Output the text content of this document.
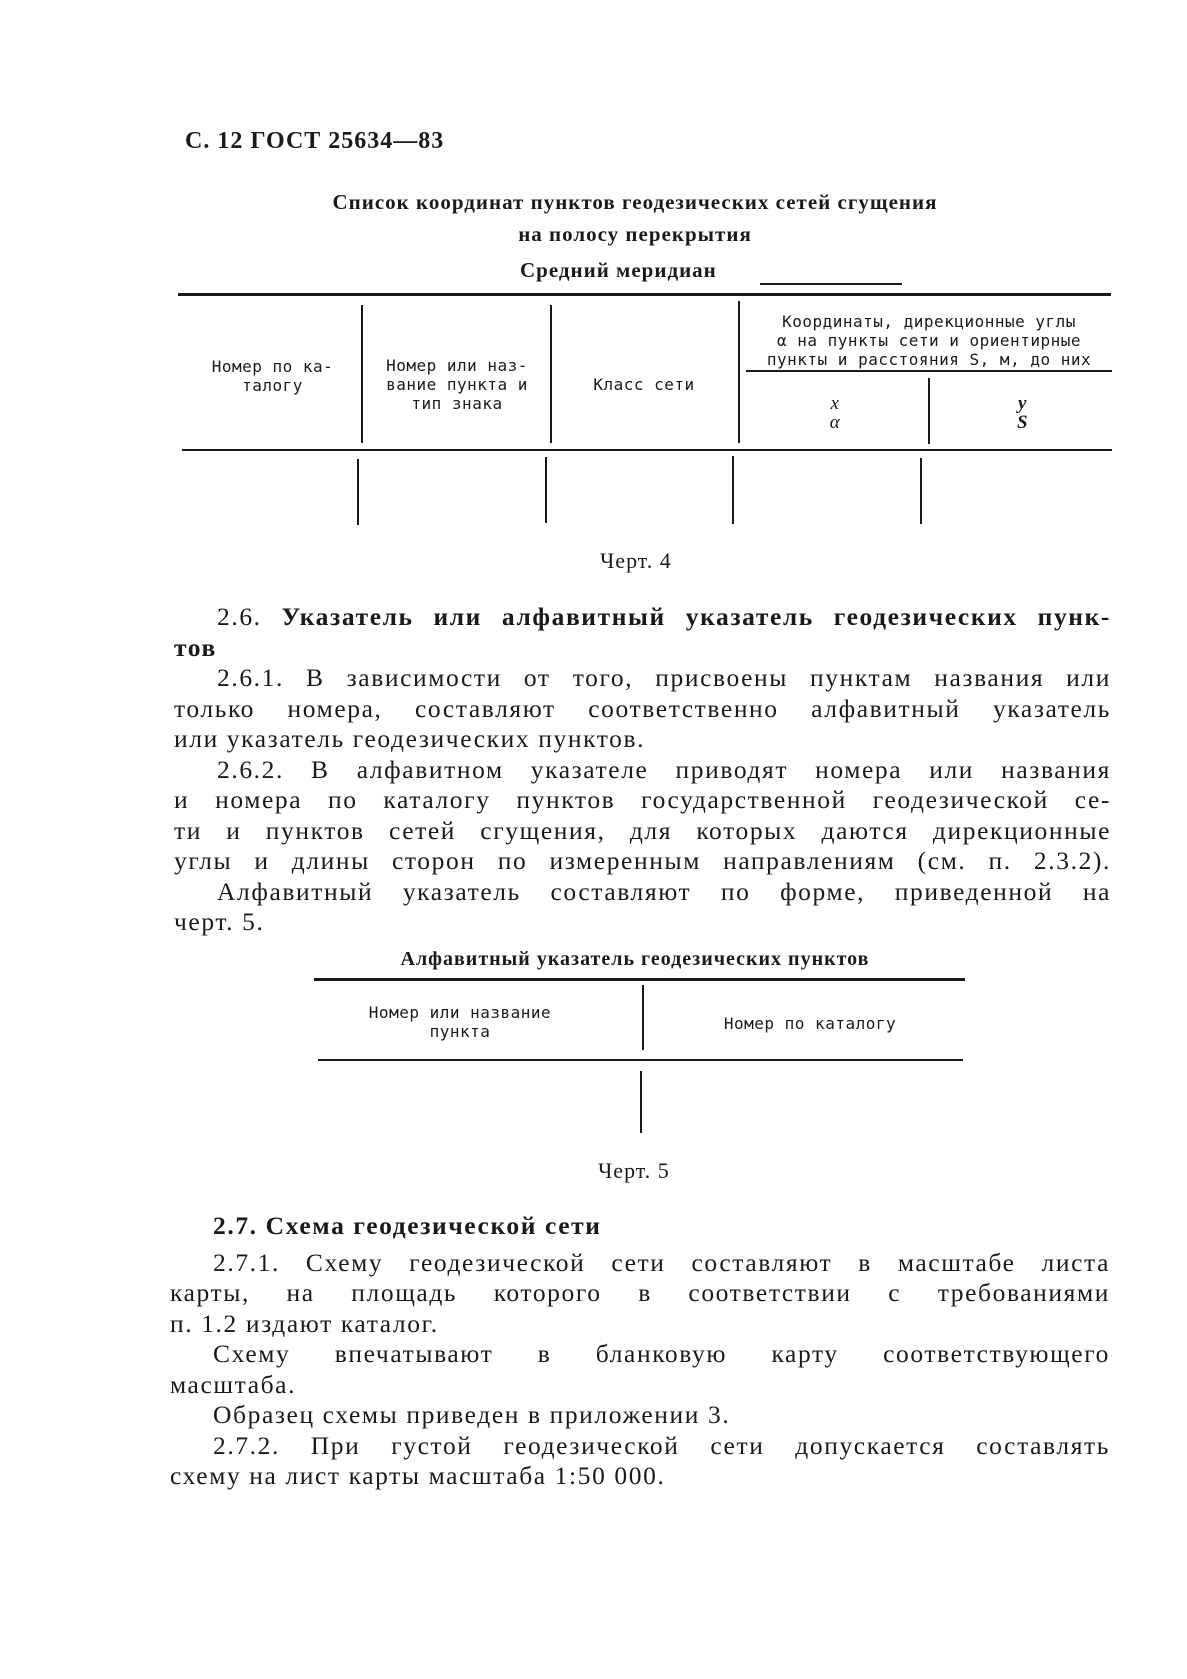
С. 12 ГОСТ 25634—83
Список координат пунктов геодезических сетей сгущения
на полосу перекрытия
Средний меридиан
Номер по ка-
талогу
Номер или наз-
вание пункта и
тип знака
Класс сети
Координаты, дирекционные углы
α на пункты сети и ориентирные
пункты и расстояния S, м, до них
x
α
y
S
Черт. 4

2.6. Указатель или алфавитный указатель геодезических пунк-

тов

2.6.1. В зависимости от того, присвоены пунктам названия или

только номера, составляют соответственно алфавитный указатель

или указатель геодезических пунктов.

2.6.2. В алфавитном указателе приводят номера или названия

и номера по каталогу пунктов государственной геодезической се-

ти и пунктов сетей сгущения, для которых даются дирекционные

углы и длины сторон по измеренным направлениям (см. п. 2.3.2).

Алфавитный указатель составляют по форме, приведенной на

черт. 5.

Алфавитный указатель геодезических пунктов
Номер или название
пункта	Номер по каталогу
Черт. 5

2.7. Схема геодезической сети

2.7.1. Схему геодезической сети составляют в масштабе листа

карты, на площадь которого в соответствии с требованиями

п. 1.2 издают каталог.

Схему впечатывают в бланковую карту соответствующего

масштаба.

Образец схемы приведен в приложении 3.

2.7.2. При густой геодезической сети допускается составлять

схему на лист карты масштаба 1:50 000.
